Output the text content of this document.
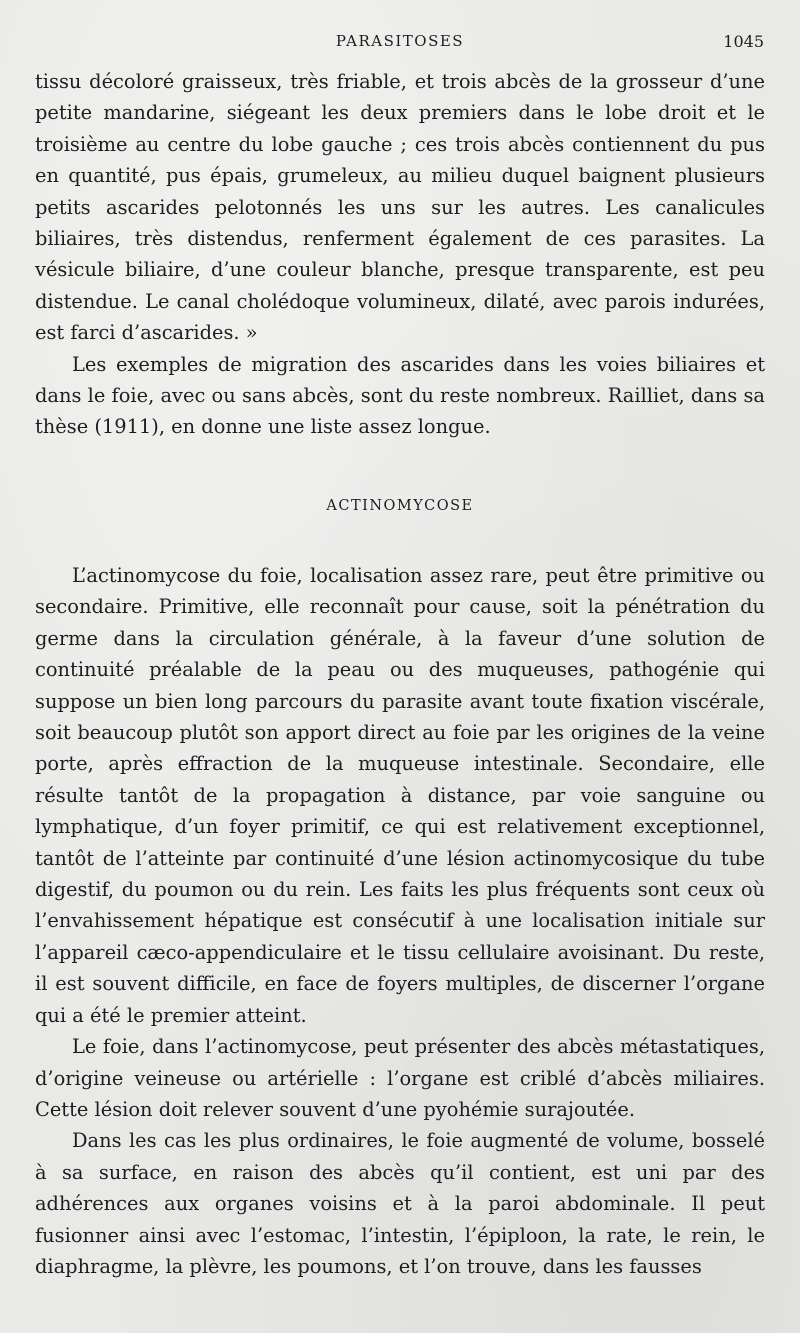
PARASITOSES	1045

tissu décoloré graisseux, très friable, et trois abcès de la grosseur d’une petite mandarine, siégeant les deux premiers dans le lobe droit et le troisième au centre du lobe gauche ; ces trois abcès contiennent du pus en quantité, pus épais, grumeleux, au milieu duquel baignent plusieurs petits ascarides pelotonnés les uns sur les autres. Les canalicules biliaires, très distendus, renferment également de ces parasites. La vésicule biliaire, d’une couleur blanche, presque transparente, est peu distendue. Le canal cholédoque volumineux, dilaté, avec parois indurées, est farci d’ascarides. »

Les exemples de migration des ascarides dans les voies biliaires et dans le foie, avec ou sans abcès, sont du reste nombreux. Railliet, dans sa thèse (1911), en donne une liste assez longue.

ACTINOMYCOSE

L’actinomycose du foie, localisation assez rare, peut être primitive ou secondaire. Primitive, elle reconnaît pour cause, soit la pénétration du germe dans la circulation générale, à la faveur d’une solution de continuité préalable de la peau ou des muqueuses, pathogénie qui suppose un bien long parcours du parasite avant toute fixation viscérale, soit beaucoup plutôt son apport direct au foie par les origines de la veine porte, après effraction de la muqueuse intestinale. Secondaire, elle résulte tantôt de la propagation à distance, par voie sanguine ou lymphatique, d’un foyer primitif, ce qui est relativement exceptionnel, tantôt de l’atteinte par continuité d’une lésion actinomycosique du tube digestif, du poumon ou du rein. Les faits les plus fréquents sont ceux où l’envahissement hépatique est consécutif à une localisation initiale sur l’appareil cæco-appendiculaire et le tissu cellulaire avoisinant. Du reste, il est souvent difficile, en face de foyers multiples, de discerner l’organe qui a été le premier atteint.

Le foie, dans l’actinomycose, peut présenter des abcès métastatiques, d’origine veineuse ou artérielle : l’organe est criblé d’abcès miliaires. Cette lésion doit relever souvent d’une pyohémie surajoutée.

Dans les cas les plus ordinaires, le foie augmenté de volume, bosselé à sa surface, en raison des abcès qu’il contient, est uni par des adhérences aux organes voisins et à la paroi abdominale. Il peut fusionner ainsi avec l’estomac, l’intestin, l’épiploon, la rate, le rein, le diaphragme, la plèvre, les poumons, et l’on trouve, dans les fausses
